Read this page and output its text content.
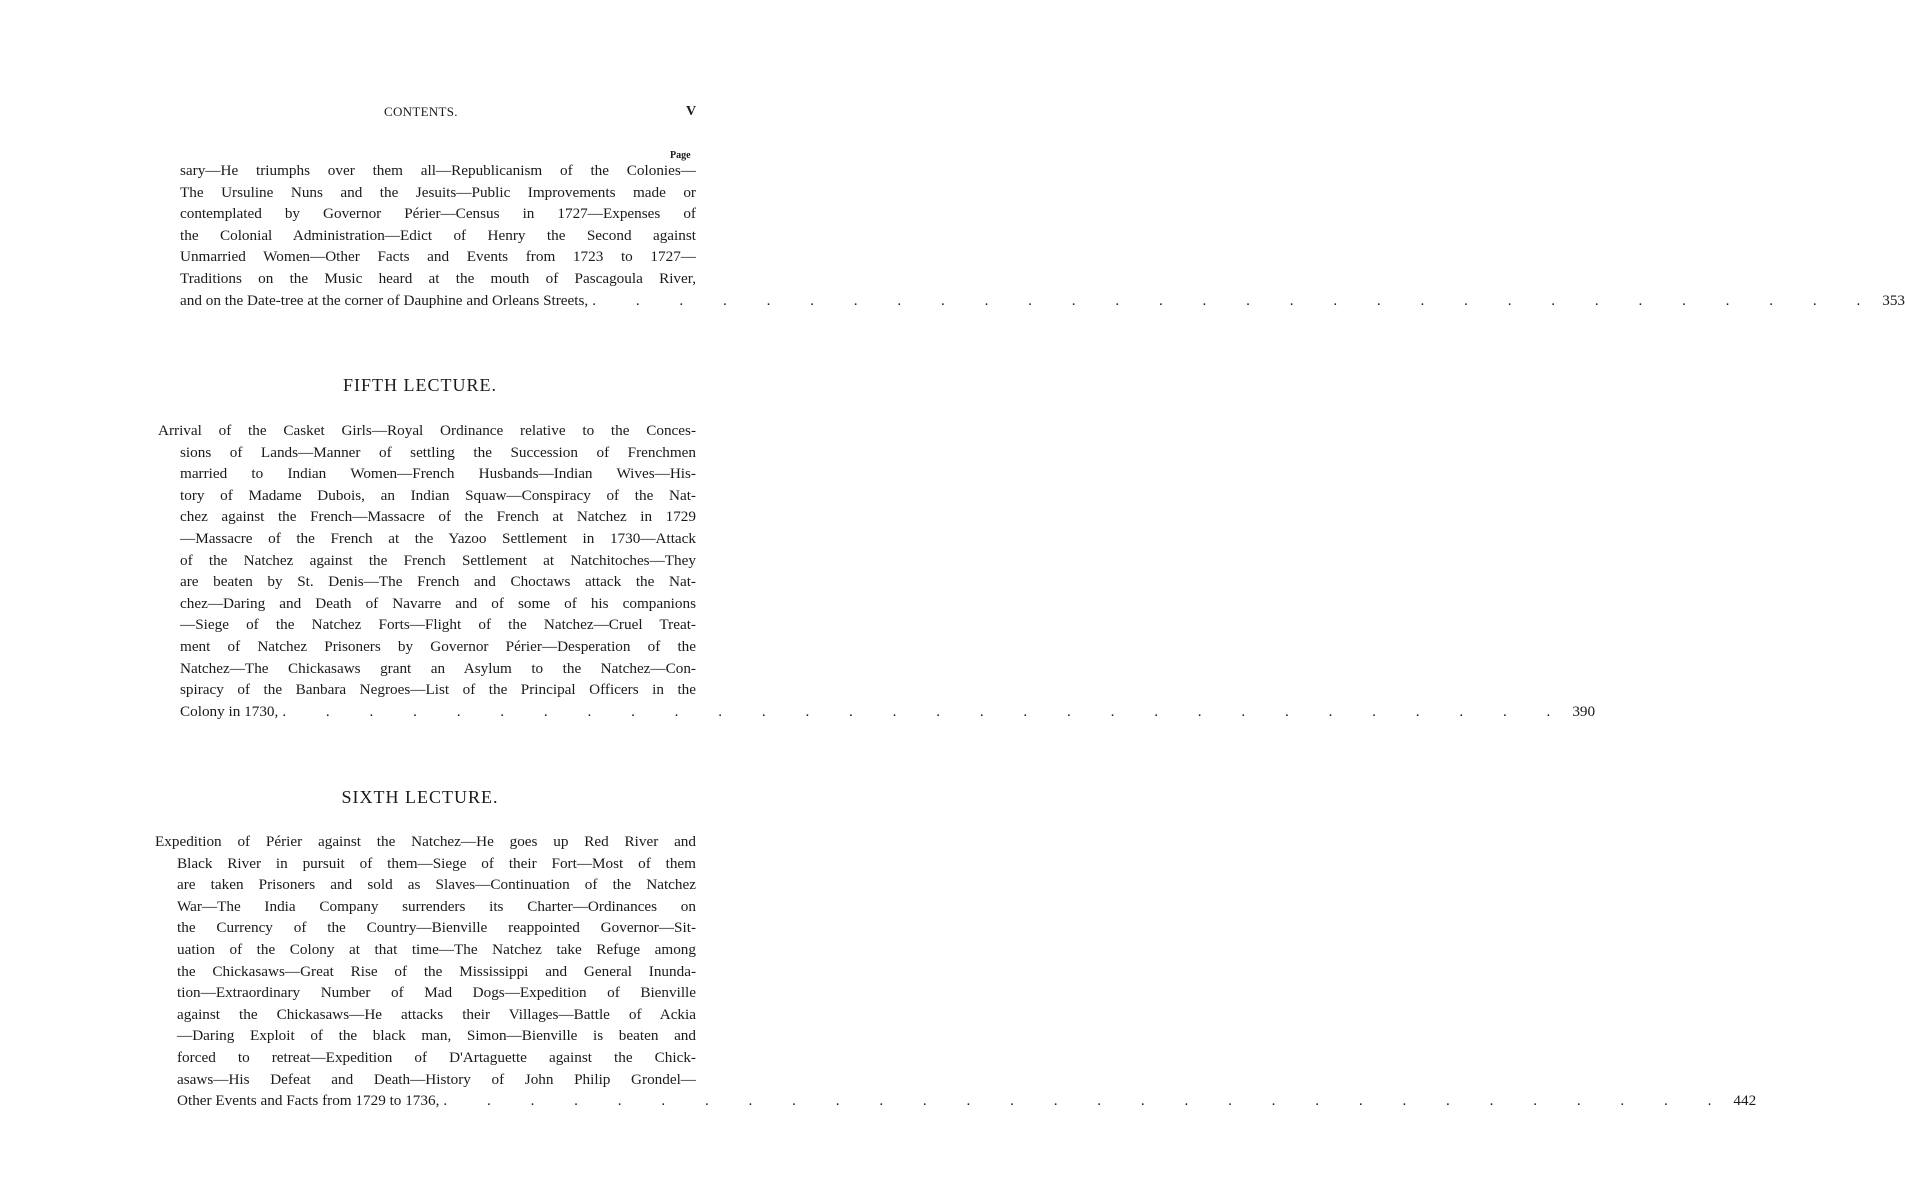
CONTENTS.	V
Page
sary—He triumphs over them all—Republicanism of the Colonies—
The Ursuline Nuns and the Jesuits—Public Improvements made or
contemplated by Governor Périer—Census in 1727—Expenses of
the Colonial Administration—Edict of Henry the Second against
Unmarried Women—Other Facts and Events from 1723 to 1727—
Traditions on the Music heard at the mouth of Pascagoula River,
and on the Date-tree at the corner of Dauphine and Orleans Streets, . . . . . . . . . . . . . . . . . . . . . . . . . . . . . . 353
FIFTH LECTURE.
Arrival of the Casket Girls—Royal Ordinance relative to the Conces-
sions of Lands—Manner of settling the Succession of Frenchmen
married to Indian Women—French Husbands—Indian Wives—His-
tory of Madame Dubois, an Indian Squaw—Conspiracy of the Nat-
chez against the French—Massacre of the French at Natchez in 1729
—Massacre of the French at the Yazoo Settlement in 1730—Attack
of the Natchez against the French Settlement at Natchitoches—They
are beaten by St. Denis—The French and Choctaws attack the Nat-
chez—Daring and Death of Navarre and of some of his companions
—Siege of the Natchez Forts—Flight of the Natchez—Cruel Treat-
ment of Natchez Prisoners by Governor Périer—Desperation of the
Natchez—The Chickasaws grant an Asylum to the Natchez—Con-
spiracy of the Banbara Negroes—List of the Principal Officers in the
Colony in 1730, . . . . . . . . . . . . . . . . . . . . . . . . . . . . . . 390
SIXTH LECTURE.
Expedition of Périer against the Natchez—He goes up Red River and
Black River in pursuit of them—Siege of their Fort—Most of them
are taken Prisoners and sold as Slaves—Continuation of the Natchez
War—The India Company surrenders its Charter—Ordinances on
the Currency of the Country—Bienville reappointed Governor—Sit-
uation of the Colony at that time—The Natchez take Refuge among
the Chickasaws—Great Rise of the Mississippi and General Inunda-
tion—Extraordinary Number of Mad Dogs—Expedition of Bienville
against the Chickasaws—He attacks their Villages—Battle of Ackia
—Daring Exploit of the black man, Simon—Bienville is beaten and
forced to retreat—Expedition of D'Artaguette against the Chick-
asaws—His Defeat and Death—History of John Philip Grondel—
Other Events and Facts from 1729 to 1736, . . . . . . . . . . . . . . . . . . . . . . . . . . . . . . 442
